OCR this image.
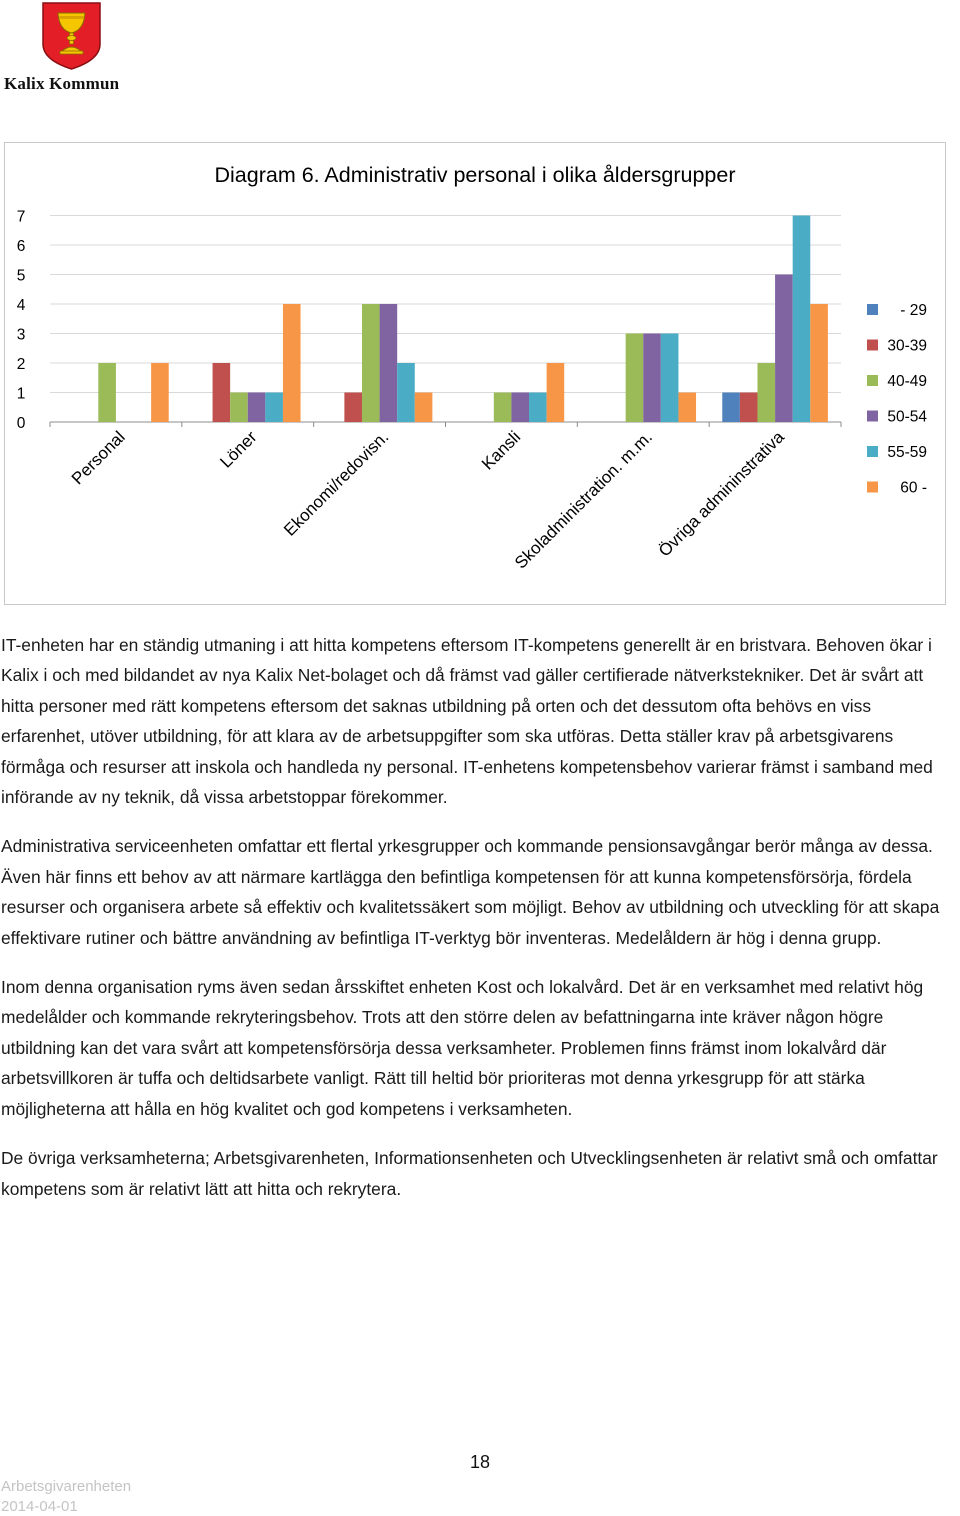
Kalix Kommun
Diagram 6. Administrativ personal i olika åldersgrupper
0
1
2
3
4
5
6
7
Personal	Löner Ekonomi/redovisn.	Kansli
Skoladministration. m.m.
Övriga admininstrativa
- 29
30-39
40-49
50-54
55-59
60 -

IT-enheten har en ständig utmaning i att hitta kompetens eftersom IT-kompetens generellt är en bristvara. Behoven ökar i Kalix i och med bildandet av nya Kalix Net-bolaget och då främst vad gäller certifierade nätverkstekniker. Det är svårt att hitta personer med rätt kompetens eftersom det saknas utbildning på orten och det dessutom ofta behövs en viss erfarenhet, utöver utbildning, för att klara av de arbetsuppgifter som ska utföras. Detta ställer krav på arbetsgivarens förmåga och resurser att inskola och handleda ny personal. IT-enhetens kompetensbehov varierar främst i samband med införande av ny teknik, då vissa arbetstoppar förekommer.

Administrativa serviceenheten omfattar ett flertal yrkesgrupper och kommande pensionsavgångar berör många av dessa. Även här finns ett behov av att närmare kartlägga den befintliga kompetensen för att kunna kompetensförsörja, fördela resurser och organisera arbete så effektiv och kvalitetssäkert som möjligt. Behov av utbildning och utveckling för att skapa effektivare rutiner och bättre användning av befintliga IT-verktyg bör inventeras. Medelåldern är hög i denna grupp.

Inom denna organisation ryms även sedan årsskiftet enheten Kost och lokalvård. Det är en verksamhet med relativt hög medelålder och kommande rekryteringsbehov. Trots att den större delen av befattningarna inte kräver någon högre utbildning kan det vara svårt att kompetensförsörja dessa verksamheter. Problemen finns främst inom lokalvård där arbetsvillkoren är tuffa och deltidsarbete vanligt. Rätt till heltid bör prioriteras mot denna yrkesgrupp för att stärka möjligheterna att hålla en hög kvalitet och god kompetens i verksamheten.

De övriga verksamheterna; Arbetsgivarenheten, Informationsenheten och Utvecklingsenheten är relativt små och omfattar kompetens som är relativt lätt att hitta och rekrytera.

18
Arbetsgivarenheten
2014-04-01
